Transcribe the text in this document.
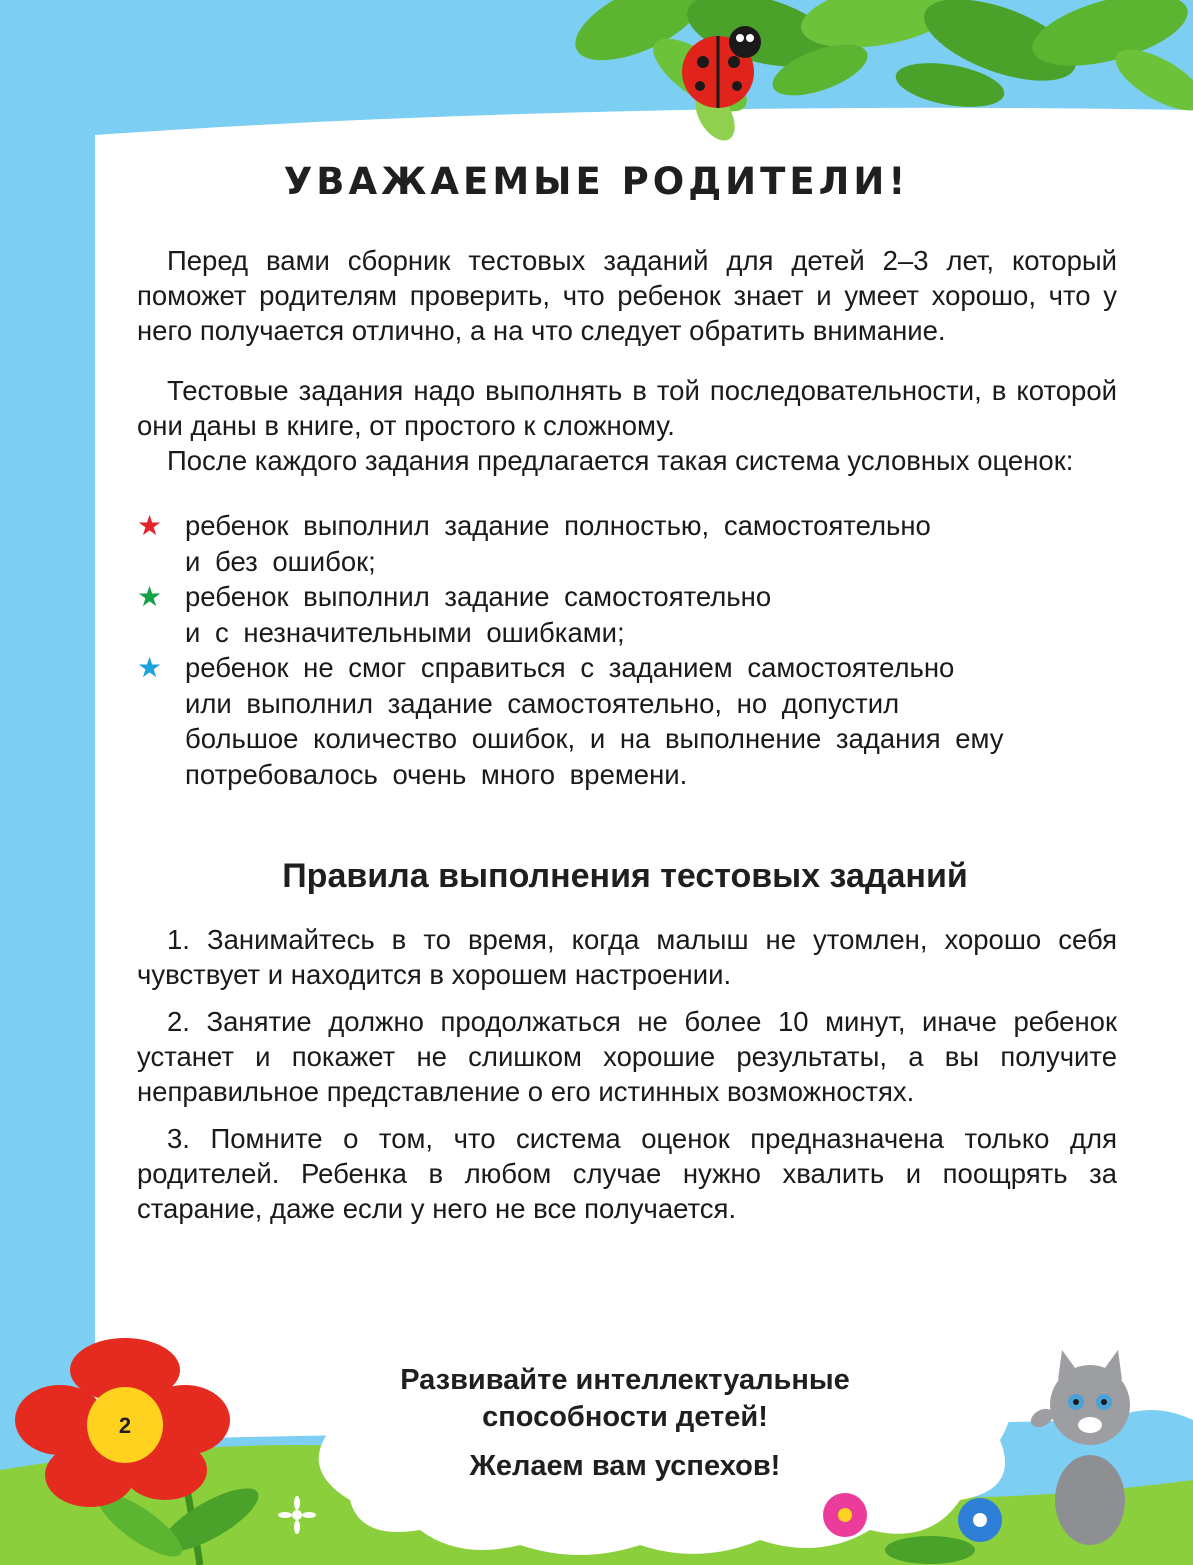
УВАЖАЕМЫЕ РОДИТЕЛИ!

Перед вами сборник тестовых заданий для детей 2–3 лет, который поможет родителям проверить, что ребенок знает и умеет хорошо, что у него получается отлично, а на что следует обратить внимание.

Тестовые задания надо выполнять в той последовательности, в которой они даны в книге, от простого к сложному.

После каждого задания предлагается такая система условных оценок:

★ ребенок выполнил задание полностью, самостоятельно
и без ошибок;
★ ребенок выполнил задание самостоятельно
и с незначительными ошибками;
★ ребенок не смог справиться с заданием самостоятельно
или выполнил задание самостоятельно, но допустил
большое количество ошибок, и на выполнение задания ему
потребовалось очень много времени.
Правила выполнения тестовых заданий

1. Занимайтесь в то время, когда малыш не утомлен, хорошо себя чувствует и находится в хорошем настроении.

2. Занятие должно продолжаться не более 10 минут, иначе ребенок устанет и покажет не слишком хорошие результаты, а вы получите неправильное представление о его истинных возможностях.

3. Помните о том, что система оценок предназначена только для родителей. Ребенка в любом случае нужно хвалить и поощрять за старание, даже если у него не все получается.

Развивайте интеллектуальные
способности детей!
Желаем вам успехов!
2
